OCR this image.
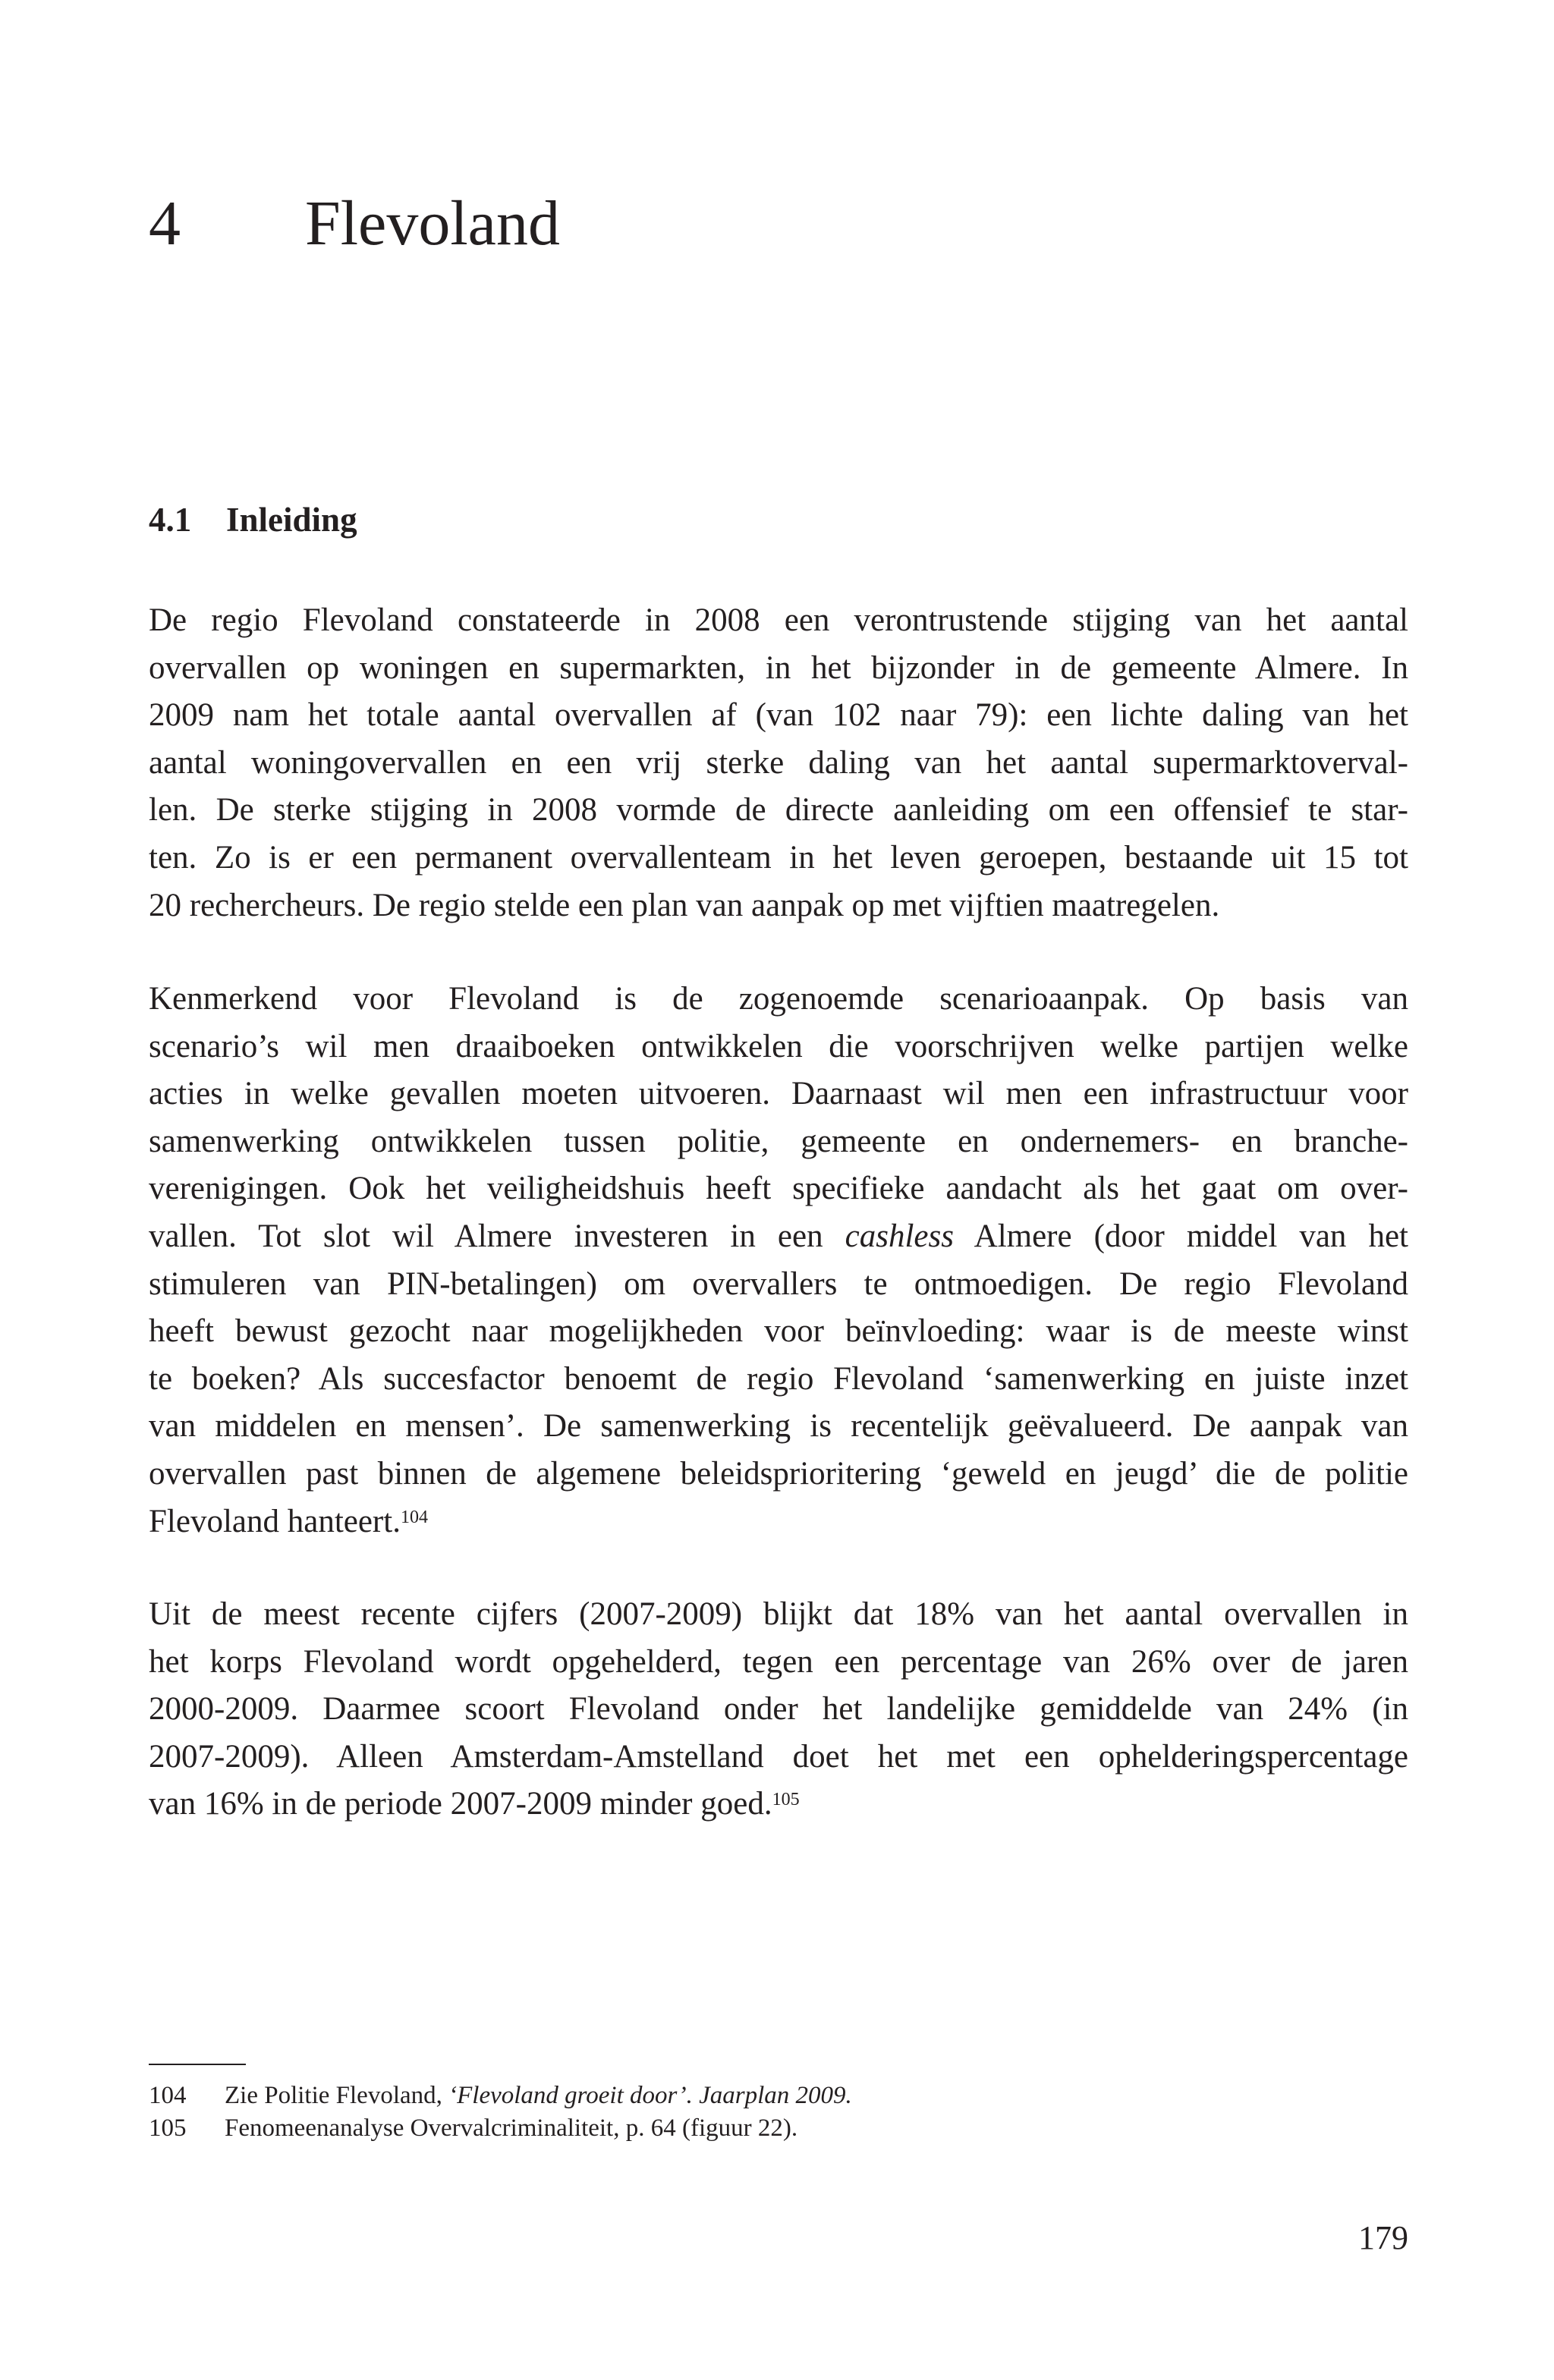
4 Flevoland
4.1 Inleiding
De regio Flevoland constateerde in 2008 een verontrustende stijging van het aantal
overvallen op woningen en supermarkten, in het bijzonder in de gemeente Almere. In
2009 nam het totale aantal overvallen af (van 102 naar 79): een lichte daling van het
aantal woningovervallen en een vrij sterke daling van het aantal supermarktoverval-
len. De sterke stijging in 2008 vormde de directe aanleiding om een offensief te star-
ten. Zo is er een permanent overvallenteam in het leven geroepen, bestaande uit 15 tot
20 rechercheurs. De regio stelde een plan van aanpak op met vijftien maatregelen.
Kenmerkend voor Flevoland is de zogenoemde scenarioaanpak. Op basis van
scenario’s wil men draaiboeken ontwikkelen die voorschrijven welke partijen welke
acties in welke gevallen moeten uitvoeren. Daarnaast wil men een infrastructuur voor
samenwerking ontwikkelen tussen politie, gemeente en ondernemers- en branche-
verenigingen. Ook het veiligheidshuis heeft specifieke aandacht als het gaat om over-
vallen. Tot slot wil Almere investeren in een cashless Almere (door middel van het
stimuleren van PIN-betalingen) om overvallers te ontmoedigen. De regio Flevoland
heeft bewust gezocht naar mogelijkheden voor beïnvloeding: waar is de meeste winst
te boeken? Als succesfactor benoemt de regio Flevoland ‘samenwerking en juiste inzet
van middelen en mensen’. De samenwerking is recentelijk geëvalueerd. De aanpak van
overvallen past binnen de algemene beleidsprioritering ‘geweld en jeugd’ die de politie
Flevoland hanteert.$^{104}$
Uit de meest recente cijfers (2007-2009) blijkt dat 18% van het aantal overvallen in
het korps Flevoland wordt opgehelderd, tegen een percentage van 26% over de jaren
2000-2009. Daarmee scoort Flevoland onder het landelijke gemiddelde van 24% (in
2007-2009). Alleen Amsterdam-Amstelland doet het met een ophelderingspercentage
van 16% in de periode 2007-2009 minder goed.$^{105}$
104 Zie Politie Flevoland, ‘Flevoland groeit door’. Jaarplan 2009.
105 Fenomeenanalyse Overvalcriminaliteit, p. 64 (figuur 22).
179
